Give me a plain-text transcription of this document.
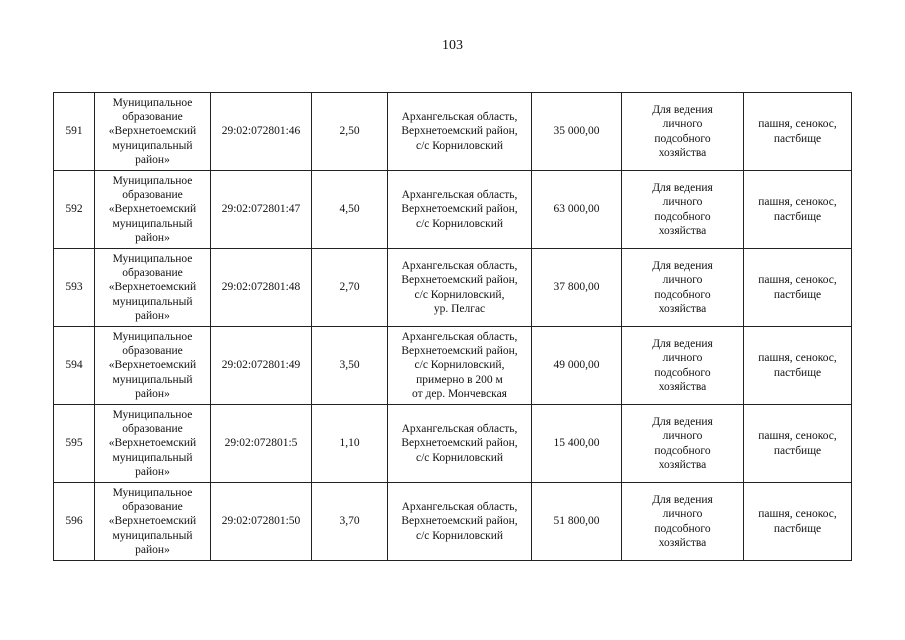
103
591	Муниципальное
образование
«Верхнетоемский
муниципальный
район»	29:02:072801:46	2,50	Архангельская область,
Верхнетоемский район,
с/с Корниловский	35 000,00	Для ведения
личного
подсобного
хозяйства	пашня, сенокос,
пастбище
592	Муниципальное
образование
«Верхнетоемский
муниципальный
район»	29:02:072801:47	4,50	Архангельская область,
Верхнетоемский район,
с/с Корниловский	63 000,00	Для ведения
личного
подсобного
хозяйства	пашня, сенокос,
пастбище
593	Муниципальное
образование
«Верхнетоемский
муниципальный
район»	29:02:072801:48	2,70	Архангельская область,
Верхнетоемский район,
с/с Корниловский,
ур. Пелгас	37 800,00	Для ведения
личного
подсобного
хозяйства	пашня, сенокос,
пастбище
594	Муниципальное
образование
«Верхнетоемский
муниципальный
район»	29:02:072801:49	3,50	Архангельская область,
Верхнетоемский район,
с/с Корниловский,
примерно в 200 м
от дер. Мончевская	49 000,00	Для ведения
личного
подсобного
хозяйства	пашня, сенокос,
пастбище
595	Муниципальное
образование
«Верхнетоемский
муниципальный
район»	29:02:072801:5	1,10	Архангельская область,
Верхнетоемский район,
с/с Корниловский	15 400,00	Для ведения
личного
подсобного
хозяйства	пашня, сенокос,
пастбище
596	Муниципальное
образование
«Верхнетоемский
муниципальный
район»	29:02:072801:50	3,70	Архангельская область,
Верхнетоемский район,
с/с Корниловский	51 800,00	Для ведения
личного
подсобного
хозяйства	пашня, сенокос,
пастбище
